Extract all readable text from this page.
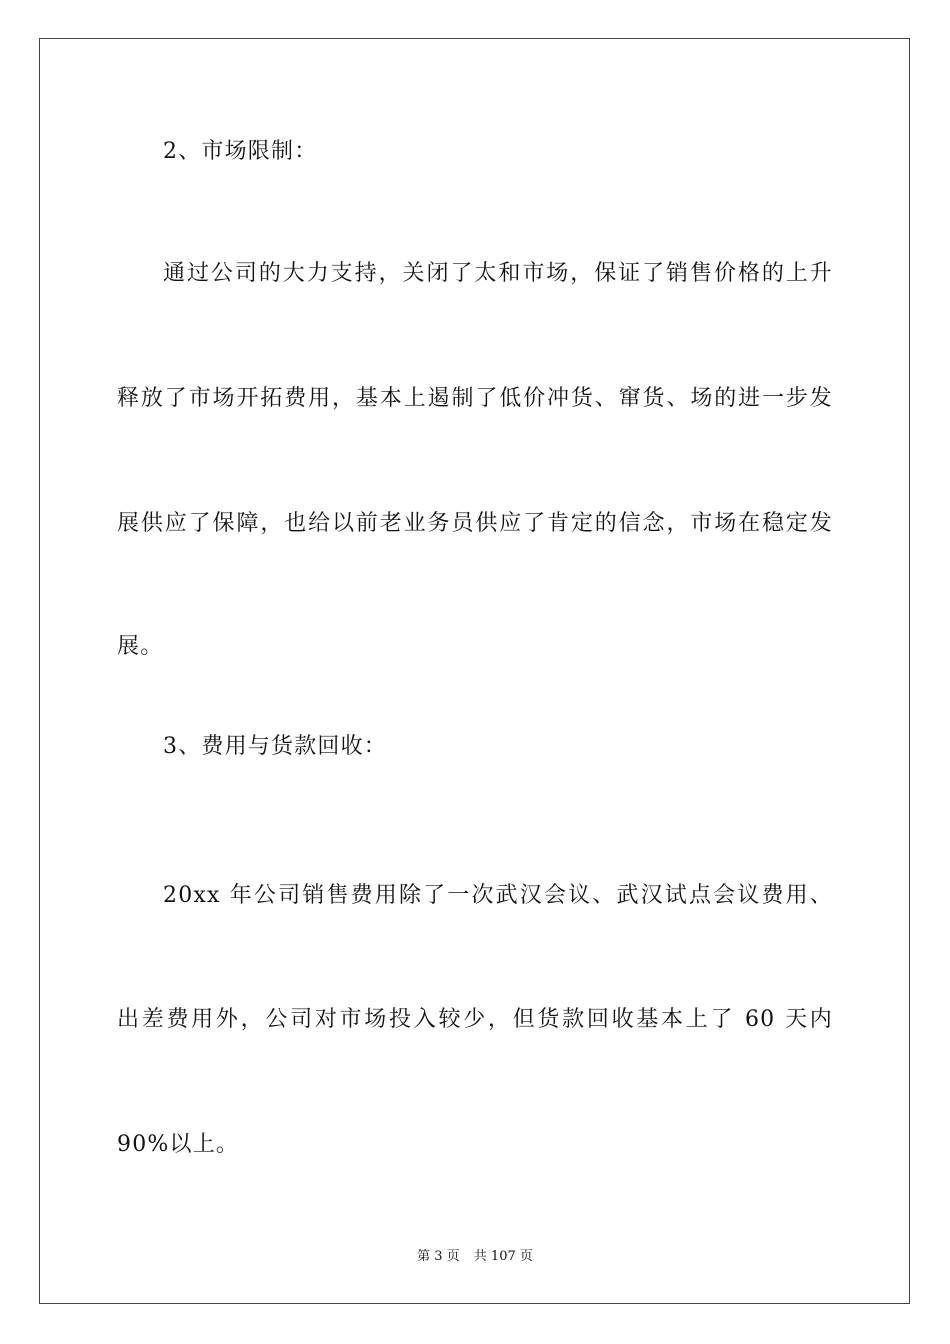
2、市场限制：
通过公司的大力支持，关闭了太和市场，保证了销售价格的上升
释放了市场开拓费用，基本上遏制了低价冲货、窜货、场的进一步发
展供应了保障，也给以前老业务员供应了肯定的信念，市场在稳定发
展。
3、费用与货款回收：
20xx 年公司销售费用除了一次武汉会议、武汉试点会议费用、
出差费用外，公司对市场投入较少，但货款回收基本上了 60 天内
90%以上。
第 3 页 共 107 页
